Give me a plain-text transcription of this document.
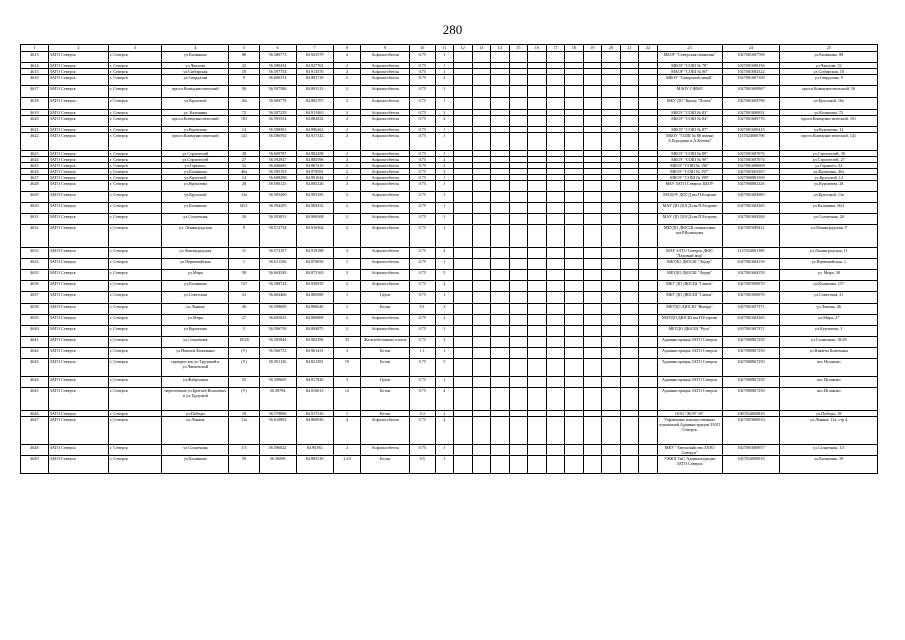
280
1	2	3	4	5	6	7	8	9	10	11	12	13	14	15	16	17	18	19	20	21	22	23	24	25
4613	ЗАТО Северск	г. Северск	ул.Калинина	88	56.580773	84.925579	2	Асфальтобетон	0.75	1												МБОУ "Северская гимназия"	1027001687769	ул.Калинина, 88
4614	ЗАТО Северск	г. Северск	ул.Чкалова	22	56.580434	84.927761	2	Асфальтобетон	0.75	1												МБОУ "СОШ № 78"	1027001688136	ул.Чкалова, 22
4615	ЗАТО Северск	г. Северск	ул.Сибирская	18	56.597754	84.913576	2	Асфальтобетон	0.75	1												МАОУ "СОШ № 80"	1027001684322	ул.Сибирская, 18
4616	ЗАТО Северск	г. Северск	ул.Свердлова	9	56.600374	84.881729	2	Асфальтобетон	0.75	2												МБОУ "Северский лицей"	1027001687109	ул.Свердлова, 9
4617	ЗАТО Северск	г. Северск	просп.Коммунистический	56	56.597586	84.891513	2	Асфальтобетон	0.75	1												МАОУ СФМЛ	1027001689967	просп.Коммунистический, 56
4618	ЗАТО Северск	г. Северск	ул.Крупской	16а	56.609778	84.882707	2	Асфальтобетон	0.75	1												МБУ ДО "Центр "Поиск"	1027001684796	ул.Крупской, 16а
4619	ЗАТО Северск	г. Северск	ул. Калинина	72	56.587229	84.911465	2	Асфальтобетон	0.75	2												МБОУ "СОШ № 83"	1027001686931	ул.Калинина, 72
4620	ЗАТО Северск	г. Северск	просп.Коммунистический	101	56.595554	84.882832	2	Асфальтобетон	0.75	2												МБОУ "СОШ № 84"	1027001689776	просп.Коммунистический, 101
4621	ЗАТО Северск	г. Северск	ул.Курчатова	14	56.598581	84.896262	2	Асфальтобетон	0.75	1												МБОУ "СОШ № 87"	1027001689415	ул.Курчатова, 14
4622	ЗАТО Северск	г. Северск	просп.Коммунистический	141	56.596592	84.917142	2	Асфальтобетон	0.75	1												МБОУ "СОШ № 88 имени А.Бородина и А.Кочева"	1157024000796	просп.Коммунистический, 141
4623	ЗАТО Северск	г. Северск	ул.Строителей	38	56.600787	84.882458	2	Асфальтобетон	0.75	1												МБОУ "СОШ № 89"	1027001687076	ул.Строителей, 38
4624	ЗАТО Северск	г. Северск	ул.Строителей	27	56.592947	84.885596	2	Асфальтобетон	0.75	2												МБОУ "СОШ № 90"	1027001687074	ул.Строителей, 27
4625	ЗАТО Северск	г. Северск	ул.Горького	32	56.606683	84.867410	2	Асфальтобетон	0.75	2												МБОУ "СОШ № 196"	1027001688009	ул.Горького, 32
4626	ЗАТО Северск	г. Северск	ул.Калинина	46а	56.595193	84.879581	2	Асфальтобетон	0.75	3												МБОУ "СОШ № 197"	1027001665367	ул.Калинина, 46а
4627	ЗАТО Северск	г. Северск	ул.Крупской	14	56.608288	84.891044	2	Асфальтобетон	0.75	1												МКОУ "СОШ № 198"	1027000881569	ул.Крупской, 14
4628	ЗАТО Северск	г. Северск	ул.Курчатова	28	56.590125	84.885226	2	Асфальтобетон	0.75	1												МБУ ЗАТО Северск ЦБОУ	1027000882326	ул.Курчатова, 28
4629	ЗАТО Северск	г. Северск	ул.Крупской	13а	56.595400	84.905185	2	Асфальтобетон	0.75	1												МАДОУ ДОСД им.П.Егорова	1027001684985	ул.Крупской, 13а
4630	ЗАТО Северск	г. Северск	ул.Калинина	66/1	56.594295	84.909432	2	Асфальтобетон	0.75	1												МАУ ДО ДОСД им.П.Егорова	1027001684365	ул.Калинина, 66/1
4631	ЗАТО Северск	г. Северск	ул.Солнечная	20	56.593051	84.906368	2	Асфальтобетон	0.75	1												МАУ ДО ДОСД им.П.Егорова	1027001684368	ул.Солнечная, 20
4632	ЗАТО Северск	г. Северск	ул. Ленинградская	9	56.572734	84.916302	2	Асфальтобетон	0.75	1												МБУДО ДЮСШ гимнастики им.Р.Кузнецова	1027001689412	ул.Ленинградская, 9
4633	ЗАТО Северск	г. Северск	ул.Ленинградская	11	56.572107	84.919188	3	Асфальтобетон	0.75	4												МАУ ЗАТО Северск ДЮС "Ледовый мир"	1127024001389	ул.Ленинградская, 11
4634	ЗАТО Северск	г. Северск	ул.Первомайская	1	56.611356	84.879850	1	Асфальтобетон	0.75	1												МБУДО ДЮСШ "Лидер"	1027001684159	ул.Первомайская, 1
4635	ЗАТО Северск	г. Северск	ул.Мира	38	56.604549	84.875165	3	Асфальтобетон	0.75	5												МБУДО ДЮСШ "Лидер"	1027001684159	ул. Мира, 38
4636	ЗАТО Северск	г. Северск	ул.Калинина	157	56.588724	84.930935	2	Асфальтобетон	0.75	2												МБУ ДО ДЮСШ "Смена"	1027001690070	ул.Калинина, 157
4637	ЗАТО Северск	г. Северск	ул.Советская	21	56.604466	84.885080	1	Грунт	0.75	1												МБУ ДО ДЮСШ "Смена"	1027001690070	ул.Советская, 21
4638	ЗАТО Северск	г. Северск	ул.Ленина	46	56.598609	84.886640	1	Бетон	0.1	2												МБУДО ДЮСШ "Янтарь"	1027001697371	ул.Ленина, 46
4639	ЗАТО Северск	г. Северск	ул.Мира	27	56.605023	84.869869	2	Асфальтобетон	0.75	2												МАУДО ДЮСШ им.П.Егорова	1027001684365	ул.Мира, 27
4640	ЗАТО Северск	г. Северск	ул.Курчатова	3	56.596758	84.894875	2	Асфальтобетон	0.75	1												МБУДО ДЮСШ "Русь"	1037001687371	ул.Курчатова, 3
4641	ЗАТО Северск	г. Северск	ул.Солнечная	18/28	56.595844	84.902196	35	Железобетонные плиты	0.75	3												Администрация ЗАТО Северск	1027000867250	ул.Солнечная, 18/28
4642	ЗАТО Северск	г. Северск	ул.Никиты Кожемяки	(У)	56.566733	84.961431	3	Бетон	1.1	1												Администрация ЗАТО Северск	1027000867250	ул.Никиты Кожемяки
4643	ЗАТО Северск	г. Северск	перекресток ул.Трудовой и ул.Чапаевской	(У)	56.591136	84.821581	19	Бетон	0.75	5												Администрация ЗАТО Северск	1027000867250	пос.Иглаково
4644	ЗАТО Северск	г. Северск	ул.Фабричная	35	56.590605	84.817820	3	Грунт	0.75	1												Администрация ЗАТО Северск	1027000867250	пос.Иглаково
4645	ЗАТО Северск	г. Северск	пересечение ул.Братьев Игошевых и ул.Трудовой	(У)	56.58794	84.810613	12	Бетон	0.75	4												Администрация ЗАТО Северск	1027000867250	пос.Иглаково
4646	ЗАТО Северск	г. Северск	ул.Победы	18	56.579806	84.917316	1	Бетон	0.3	2												ООО "ЖЭУ-10"	1087024000810	ул.Победы, 18
4647	ЗАТО Северск	г. Северск	ул.Ленина	11а	56.610803	84.869030	4	Асфальтобетон	0.75	2												Управление имущественных отношений Администрации ЗАТО Северск	1027001686910	ул.Ленина, 11а, стр.4
4648	ЗАТО Северск	г. Северск	ул.Солнечная	1/3	56.596022	84.90192	2	Асфальтобетон	0.75	1												МКУ "Автохозяйство ЗАТО Северск"	1027001680957	ул.Солнечная, 1/3
4649	ЗАТО Северск	г. Северск	ул.Калинина	39	56.56098	84.885318	2.25	Бетон	0.5	1												УЖКХ ТиС Администрации ЗАТО Северск	1027024000910	ул.Калинина, 39
